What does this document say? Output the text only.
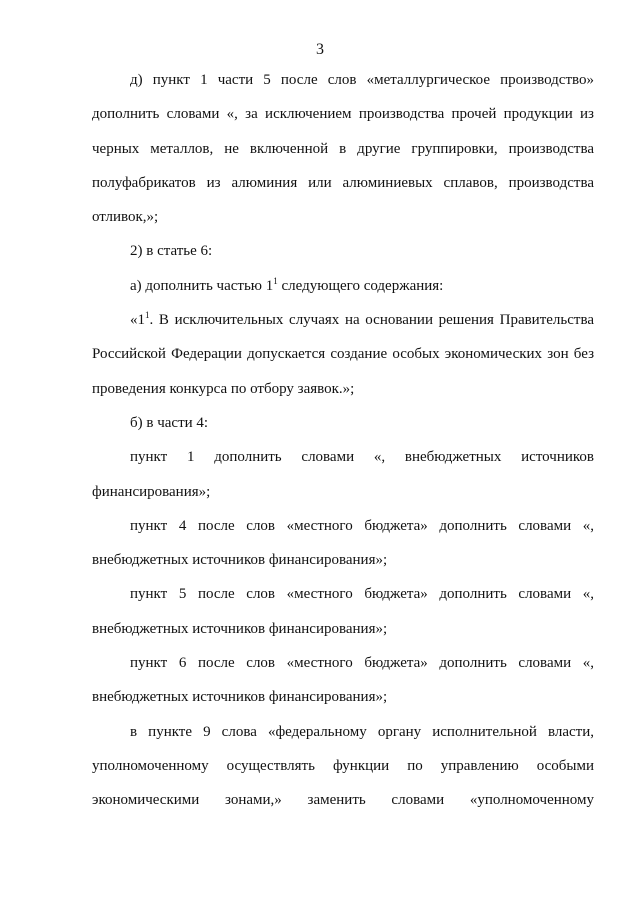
3

д) пункт 1 части 5 после слов «металлургическое производство» дополнить словами «, за исключением производства прочей продукции из черных металлов, не включенной в другие группировки, производства полуфабрикатов из алюминия или алюминиевых сплавов, производства отливок,»;

2) в статье 6:

а) дополнить частью $1^1$ следующего содержания:

«$1^1$. В исключительных случаях на основании решения Правительства Российской Федерации допускается создание особых экономических зон без проведения конкурса по отбору заявок.»;

б) в части 4:

пункт 1 дополнить словами «, внебюджетных источников финансирования»;

пункт 4 после слов «местного бюджета» дополнить словами «, внебюджетных источников финансирования»;

пункт 5 после слов «местного бюджета» дополнить словами «, внебюджетных источников финансирования»;

пункт 6 после слов «местного бюджета» дополнить словами «, внебюджетных источников финансирования»;

в пункте 9 слова «федеральному органу исполнительной власти, уполномоченному осуществлять функции по управлению особыми экономическими зонами,» заменить словами «уполномоченному
